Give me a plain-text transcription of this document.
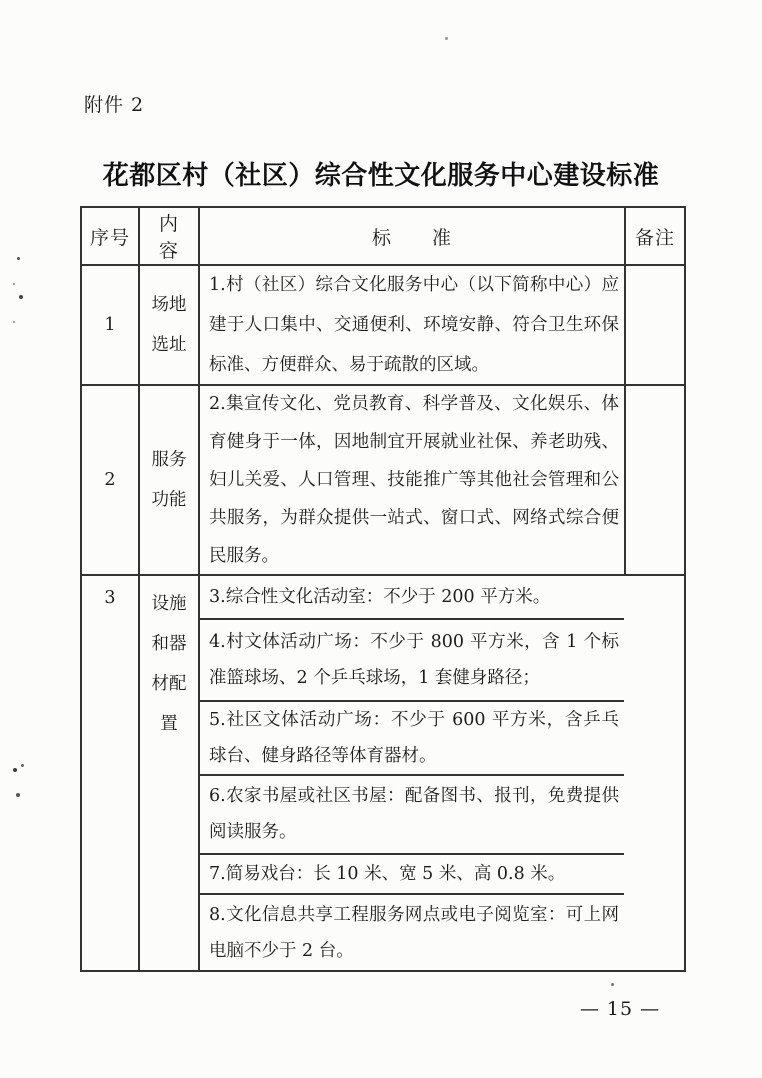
附件 2
花都区村（社区）综合性文化服务中心建设标准
序号
内容
标　　准	备注
1
场地选址
1.村（社区）综合文化服务中心（以下简称中心）应建于人口集中、交通便利、环境安静、符合卫生环保标准、方便群众、易于疏散的区域。
2
服务功能
2.集宣传文化、党员教育、科学普及、文化娱乐、体育健身于一体，因地制宜开展就业社保、养老助残、妇儿关爱、人口管理、技能推广等其他社会管理和公共服务，为群众提供一站式、窗口式、网络式综合便民服务。
3	设施和器材配置
3.综合性文化活动室：不少于 200 平方米。
4.村文体活动广场：不少于 800 平方米，含 1 个标准篮球场、2 个乒乓球场，1 套健身路径；
5.社区文体活动广场：不少于 600 平方米，含乒乓球台、健身路径等体育器材。
6.农家书屋或社区书屋：配备图书、报刊，免费提供阅读服务。
7.简易戏台：长 10 米、宽 5 米、高 0.8 米。
8.文化信息共享工程服务网点或电子阅览室：可上网电脑不少于 2 台。
— 15 —
